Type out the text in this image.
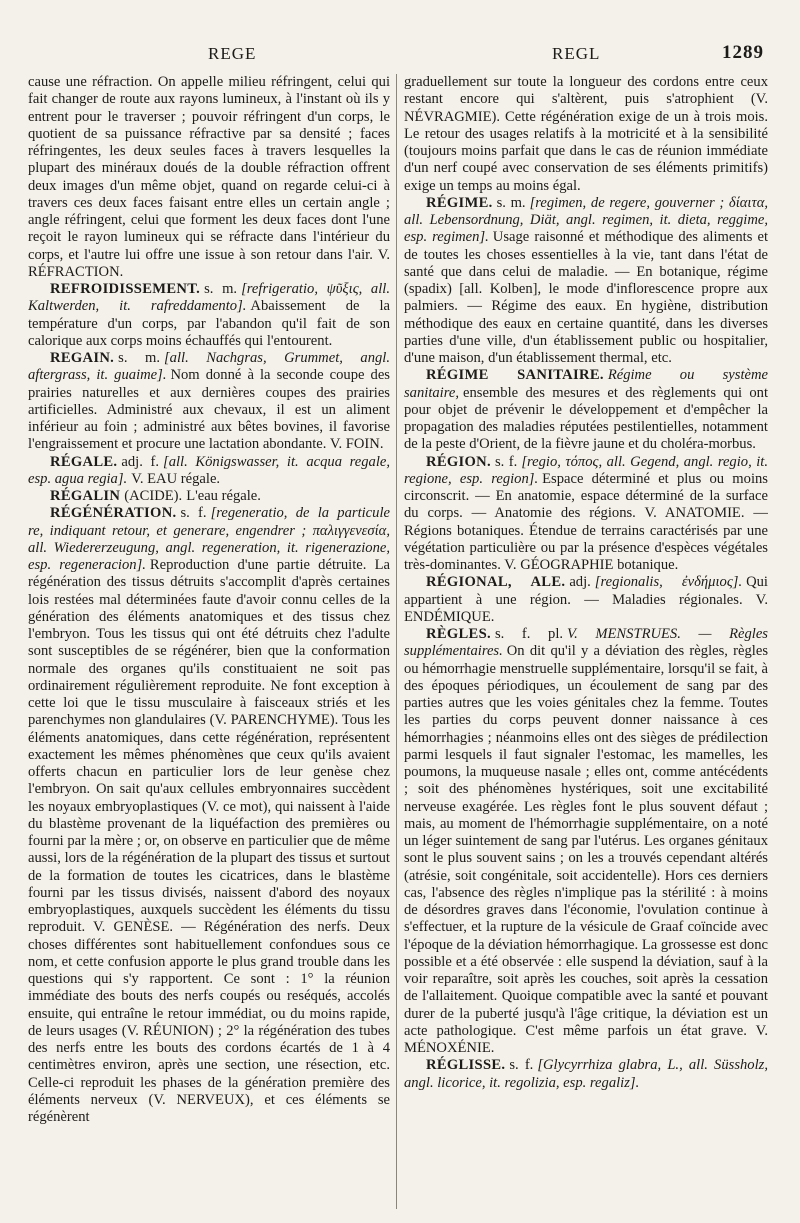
REGE	REGL	1289

cause une réfraction. On appelle milieu réfringent, celui qui fait changer de route aux rayons lumineux, à l'instant où ils y entrent pour le traverser ; pouvoir réfringent d'un corps, le quotient de sa puissance réfractive par sa densité ; faces réfringentes, les deux seules faces à travers lesquelles la plupart des minéraux doués de la double réfraction offrent deux images d'un même objet, quand on regarde celui-ci à travers ces deux faces faisant entre elles un certain angle ; angle réfringent, celui que forment les deux faces dont l'une reçoit le rayon lumineux qui se réfracte dans l'intérieur du corps, et l'autre lui offre une issue à son retour dans l'air. V. RÉFRACTION.

REFROIDISSEMENT. s. m. [refrigeratio, ψῦξις, all. Kaltwerden, it. rafreddamento]. Abaissement de la température d'un corps, par l'abandon qu'il fait de son calorique aux corps moins échauffés qui l'entourent.

REGAIN. s. m. [all. Nachgras, Grummet, angl. aftergrass, it. guaime]. Nom donné à la seconde coupe des prairies naturelles et aux dernières coupes des prairies artificielles. Administré aux chevaux, il est un aliment inférieur au foin ; administré aux bêtes bovines, il favorise l'engraissement et procure une lactation abondante. V. FOIN.

RÉGALE. adj. f. [all. Königswasser, it. acqua regale, esp. agua regia]. V. EAU régale.

RÉGALIN (ACIDE). L'eau régale.

RÉGÉNÉRATION. s. f. [regeneratio, de la particule re, indiquant retour, et generare, engendrer ; παλιγγενεσία, all. Wiedererzeugung, angl. regeneration, it. rigenerazione, esp. regeneracion]. Reproduction d'une partie détruite. La régénération des tissus détruits s'accomplit d'après certaines lois restées mal déterminées faute d'avoir connu celles de la génération des éléments anatomiques et des tissus chez l'embryon. Tous les tissus qui ont été détruits chez l'adulte sont susceptibles de se régénérer, bien que la conformation normale des organes qu'ils constituaient ne soit pas ordinairement régulièrement reproduite. Ne font exception à cette loi que le tissu musculaire à faisceaux striés et les parenchymes non glandulaires (V. PARENCHYME). Tous les éléments anatomiques, dans cette régénération, représentent exactement les mêmes phénomènes que ceux qu'ils avaient offerts chacun en particulier lors de leur genèse chez l'embryon. On sait qu'aux cellules embryonnaires succèdent les noyaux embryoplastiques (V. ce mot), qui naissent à l'aide du blastème provenant de la liquéfaction des premières ou fourni par la mère ; or, on observe en particulier que de même aussi, lors de la régénération de la plupart des tissus et surtout de la formation de toutes les cicatrices, dans le blastème fourni par les tissus divisés, naissent d'abord des noyaux embryoplastiques, auxquels succèdent les éléments du tissu reproduit. V. GENÈSE. — Régénération des nerfs. Deux choses différentes sont habituellement confondues sous ce nom, et cette confusion apporte le plus grand trouble dans les questions qui s'y rapportent. Ce sont : 1° la réunion immédiate des bouts des nerfs coupés ou reséqués, accolés ensuite, qui entraîne le retour immédiat, ou du moins rapide, de leurs usages (V. RÉUNION) ; 2° la régénération des tubes des nerfs entre les bouts des cordons écartés de 1 à 4 centimètres environ, après une section, une résection, etc. Celle-ci reproduit les phases de la génération première des éléments nerveux (V. NERVEUX), et ces éléments se régénèrent

graduellement sur toute la longueur des cordons entre ceux restant encore qui s'altèrent, puis s'atrophient (V. NÉVRAGMIE). Cette régénération exige de un à trois mois. Le retour des usages relatifs à la motricité et à la sensibilité (toujours moins parfait que dans le cas de réunion immédiate d'un nerf coupé avec conservation de ses éléments primitifs) exige un temps au moins égal.

RÉGIME. s. m. [regimen, de regere, gouverner ; δίαιτα, all. Lebensordnung, Diät, angl. regimen, it. dieta, reggime, esp. regimen]. Usage raisonné et méthodique des aliments et de toutes les choses essentielles à la vie, tant dans l'état de santé que dans celui de maladie. — En botanique, régime (spadix) [all. Kolben], le mode d'inflorescence propre aux palmiers. — Régime des eaux. En hygiène, distribution méthodique des eaux en certaine quantité, dans les diverses parties d'une ville, d'un établissement public ou hospitalier, d'une maison, d'un établissement thermal, etc.

RÉGIME SANITAIRE. Régime ou système sanitaire, ensemble des mesures et des règlements qui ont pour objet de prévenir le développement et d'empêcher la propagation des maladies réputées pestilentielles, notamment de la peste d'Orient, de la fièvre jaune et du choléra-morbus.

RÉGION. s. f. [regio, τόπος, all. Gegend, angl. regio, it. regione, esp. region]. Espace déterminé et plus ou moins circonscrit. — En anatomie, espace déterminé de la surface du corps. — Anatomie des régions. V. ANATOMIE. — Régions botaniques. Étendue de terrains caractérisés par une végétation particulière ou par la présence d'espèces végétales très-dominantes. V. GÉOGRAPHIE botanique.

RÉGIONAL, ALE. adj. [regionalis, ἐνδήμιος]. Qui appartient à une région. — Maladies régionales. V. ENDÉMIQUE.

RÈGLES. s. f. pl. V. MENSTRUES. — Règles supplémentaires. On dit qu'il y a déviation des règles, règles ou hémorrhagie menstruelle supplémentaire, lorsqu'il se fait, à des époques périodiques, un écoulement de sang par des parties autres que les voies génitales chez la femme. Toutes les parties du corps peuvent donner naissance à ces hémorrhagies ; néanmoins elles ont des sièges de prédilection parmi lesquels il faut signaler l'estomac, les mamelles, les poumons, la muqueuse nasale ; elles ont, comme antécédents ; soit des phénomènes hystériques, soit une excitabilité nerveuse exagérée. Les règles font le plus souvent défaut ; mais, au moment de l'hémorrhagie supplémentaire, on a noté un léger suintement de sang par l'utérus. Les organes génitaux sont le plus souvent sains ; on les a trouvés cependant altérés (atrésie, soit congénitale, soit accidentelle). Hors ces derniers cas, l'absence des règles n'implique pas la stérilité : à moins de désordres graves dans l'économie, l'ovulation continue à s'effectuer, et la rupture de la vésicule de Graaf coïncide avec l'époque de la déviation hémorrhagique. La grossesse est donc possible et a été observée : elle suspend la déviation, sauf à la voir reparaître, soit après les couches, soit après la cessation de l'allaitement. Quoique compatible avec la santé et pouvant durer de la puberté jusqu'à l'âge critique, la déviation est un acte pathologique. C'est même parfois un état grave. V. MÉNOXÉNIE.

RÉGLISSE. s. f. [Glycyrrhiza glabra, L., all. Süssholz, angl. licorice, it. regolizia, esp. regaliz].
